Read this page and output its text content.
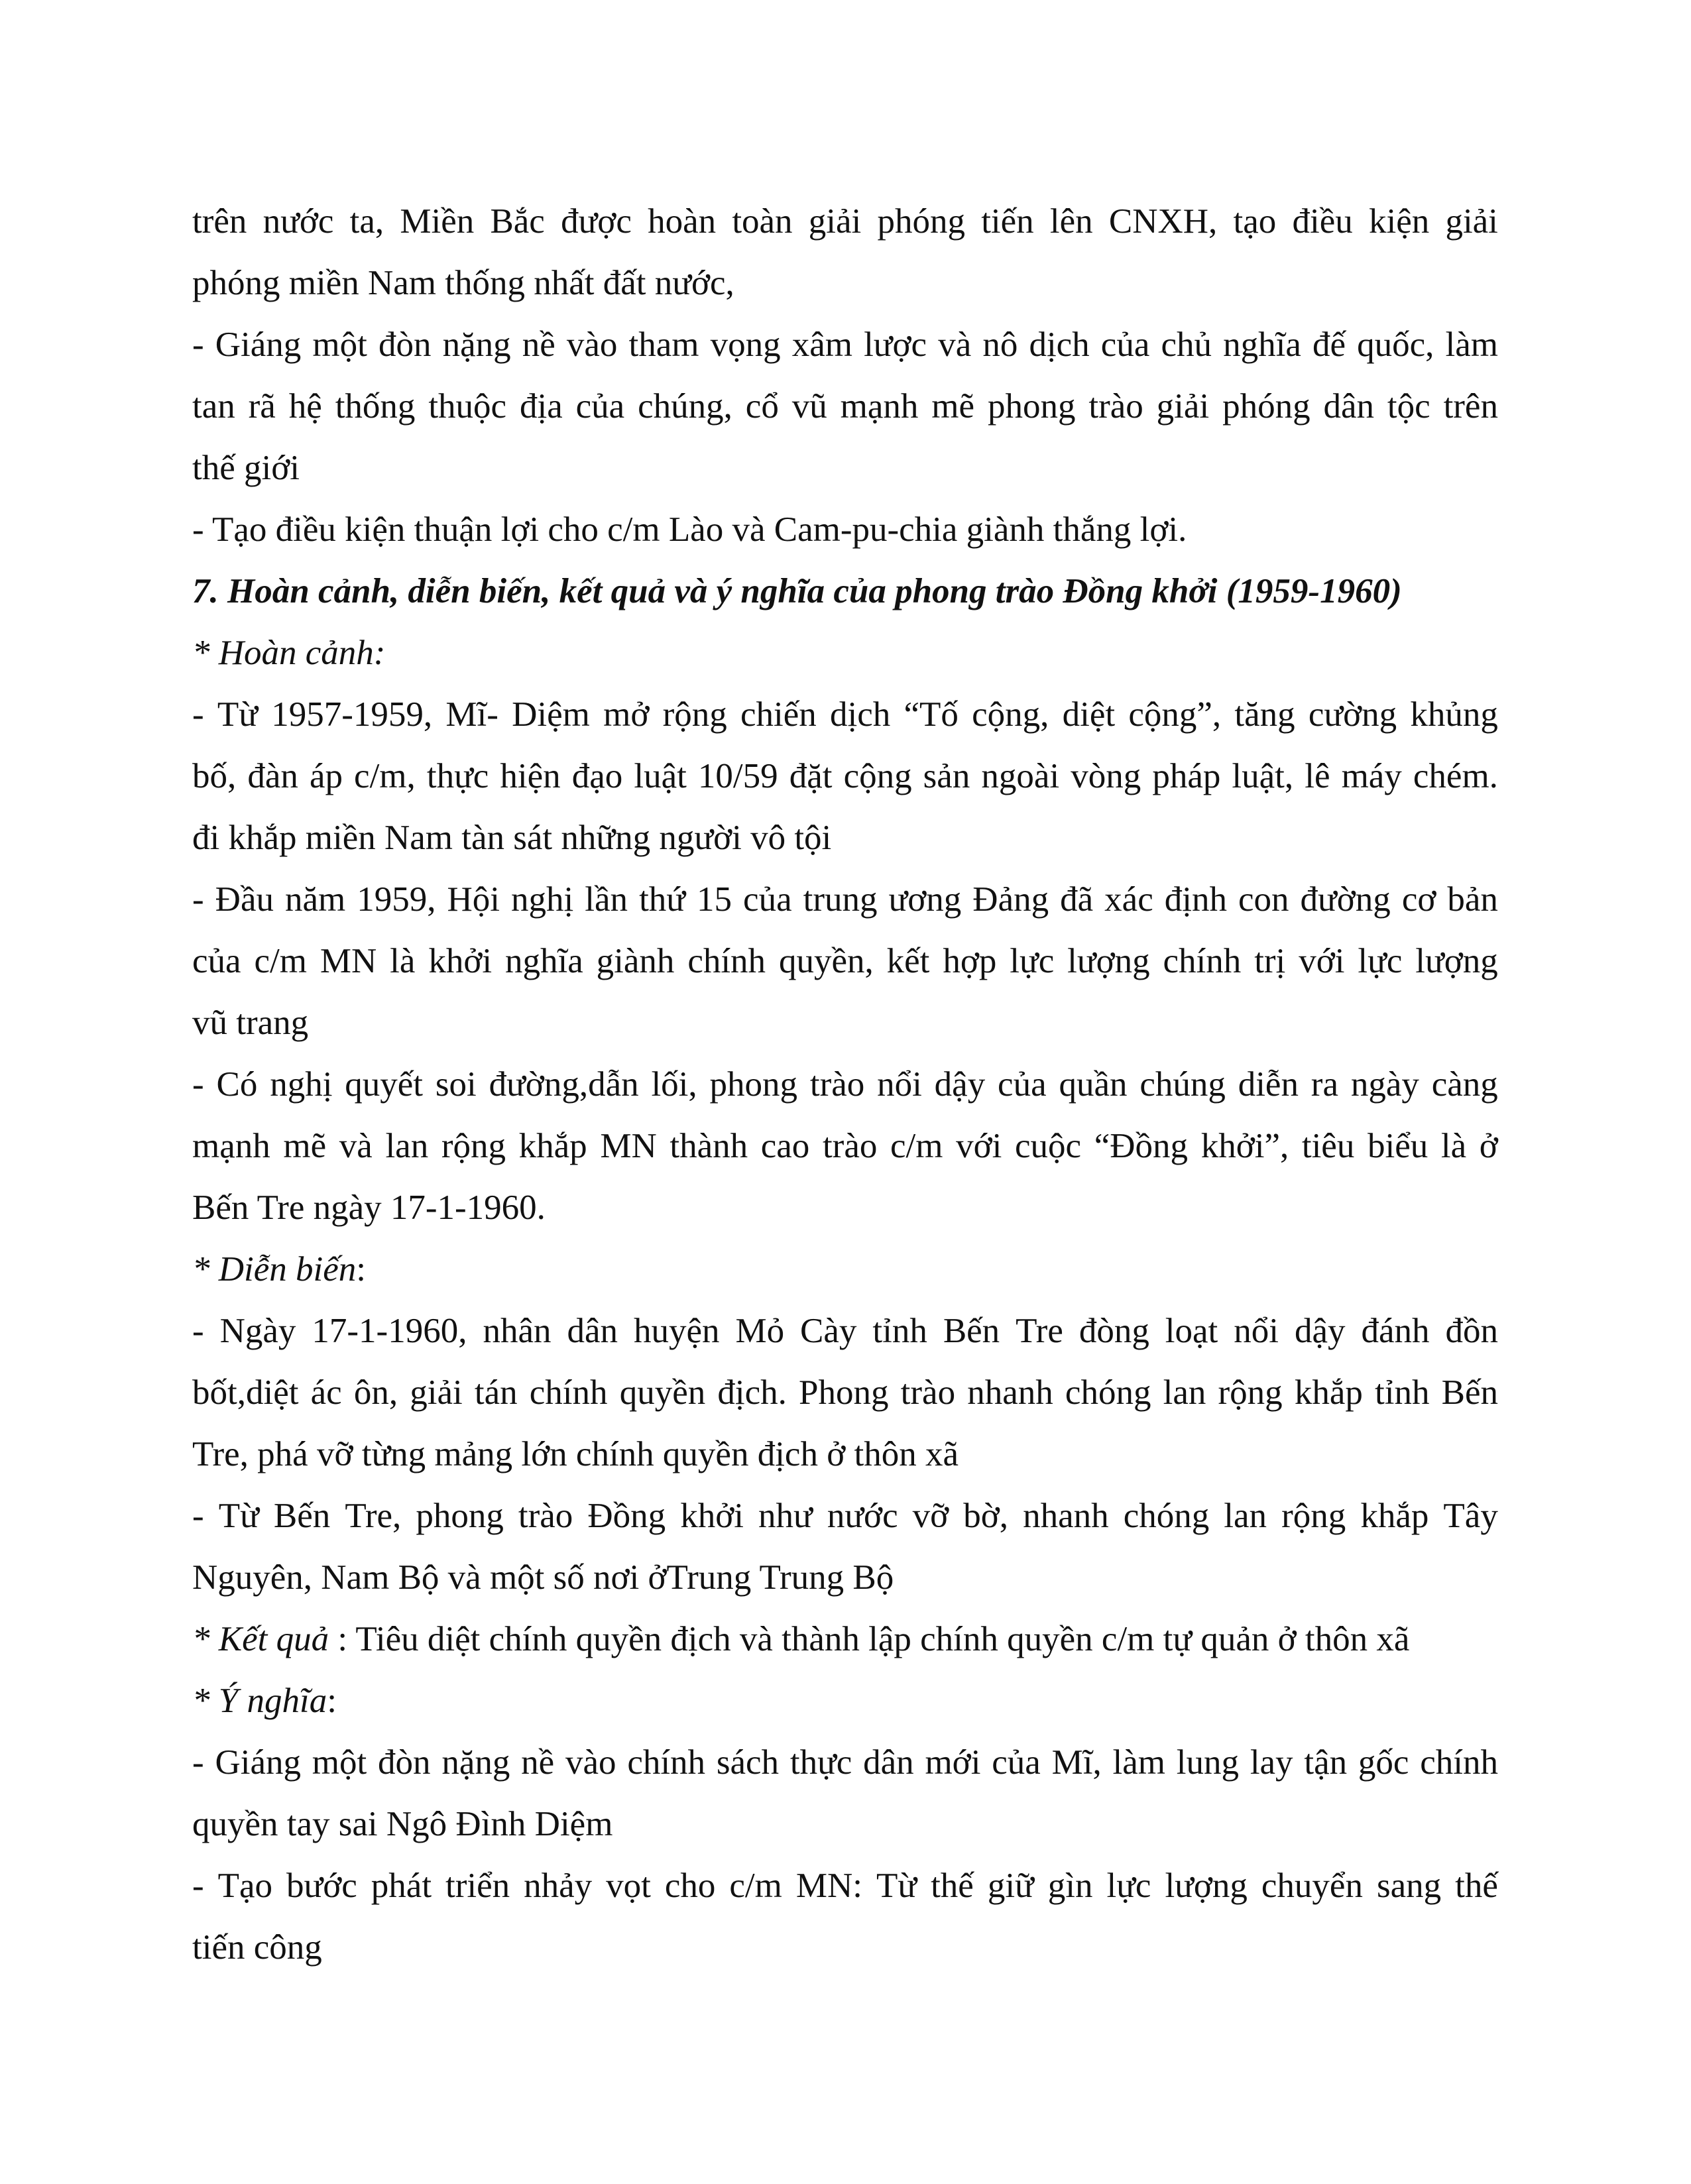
trên nước ta, Miền Bắc được hoàn toàn giải phóng tiến lên CNXH, tạo điều kiện giải

phóng miền Nam thống nhất đất nước,

- Giáng một đòn nặng nề vào tham vọng xâm lược và nô dịch của chủ nghĩa đế quốc, làm

tan rã hệ thống thuộc địa của chúng, cổ vũ mạnh mẽ phong trào giải phóng dân tộc trên

thế giới

- Tạo điều kiện thuận lợi cho c/m Lào và Cam-pu-chia giành thắng lợi.

7. Hoàn cảnh, diễn biến, kết quả và ý nghĩa của phong trào Đồng khởi (1959-1960)

* Hoàn cảnh:

- Từ 1957-1959, Mĩ- Diệm mở rộng chiến dịch “Tố cộng, diệt cộng”, tăng cường khủng

bố, đàn áp c/m, thực hiện đạo luật 10/59 đặt cộng sản ngoài vòng pháp luật, lê máy chém.

đi khắp miền Nam tàn sát những người vô tội

- Đầu năm 1959, Hội nghị lần thứ 15 của trung ương Đảng đã xác định con đường cơ bản

của c/m MN là khởi nghĩa giành chính quyền, kết hợp lực lượng chính trị với lực lượng

vũ trang

- Có nghị quyết soi đường,dẫn lối, phong trào nổi dậy của quần chúng diễn ra ngày càng

mạnh mẽ và lan rộng khắp MN thành cao trào c/m với cuộc “Đồng khởi”, tiêu biểu là ở

Bến Tre ngày 17-1-1960.

* Diễn biến:

- Ngày 17-1-1960, nhân dân huyện Mỏ Cày tỉnh Bến Tre đòng loạt nổi dậy đánh đồn

bốt,diệt ác ôn, giải tán chính quyền địch. Phong trào nhanh chóng lan rộng khắp tỉnh Bến

Tre, phá vỡ từng mảng lớn chính quyền địch ở thôn xã

- Từ Bến Tre, phong trào Đồng khởi như nước vỡ bờ, nhanh chóng lan rộng khắp Tây

Nguyên, Nam Bộ và một số nơi ởTrung Trung Bộ

* Kết quả : Tiêu diệt chính quyền địch và thành lập chính quyền c/m tự quản ở thôn xã

* Ý nghĩa:

- Giáng một đòn nặng nề vào chính sách thực dân mới của Mĩ, làm lung lay tận gốc chính

quyền tay sai Ngô Đình Diệm

- Tạo bước phát triển nhảy vọt cho c/m MN: Từ thế giữ gìn lực lượng chuyển sang thế

tiến công
